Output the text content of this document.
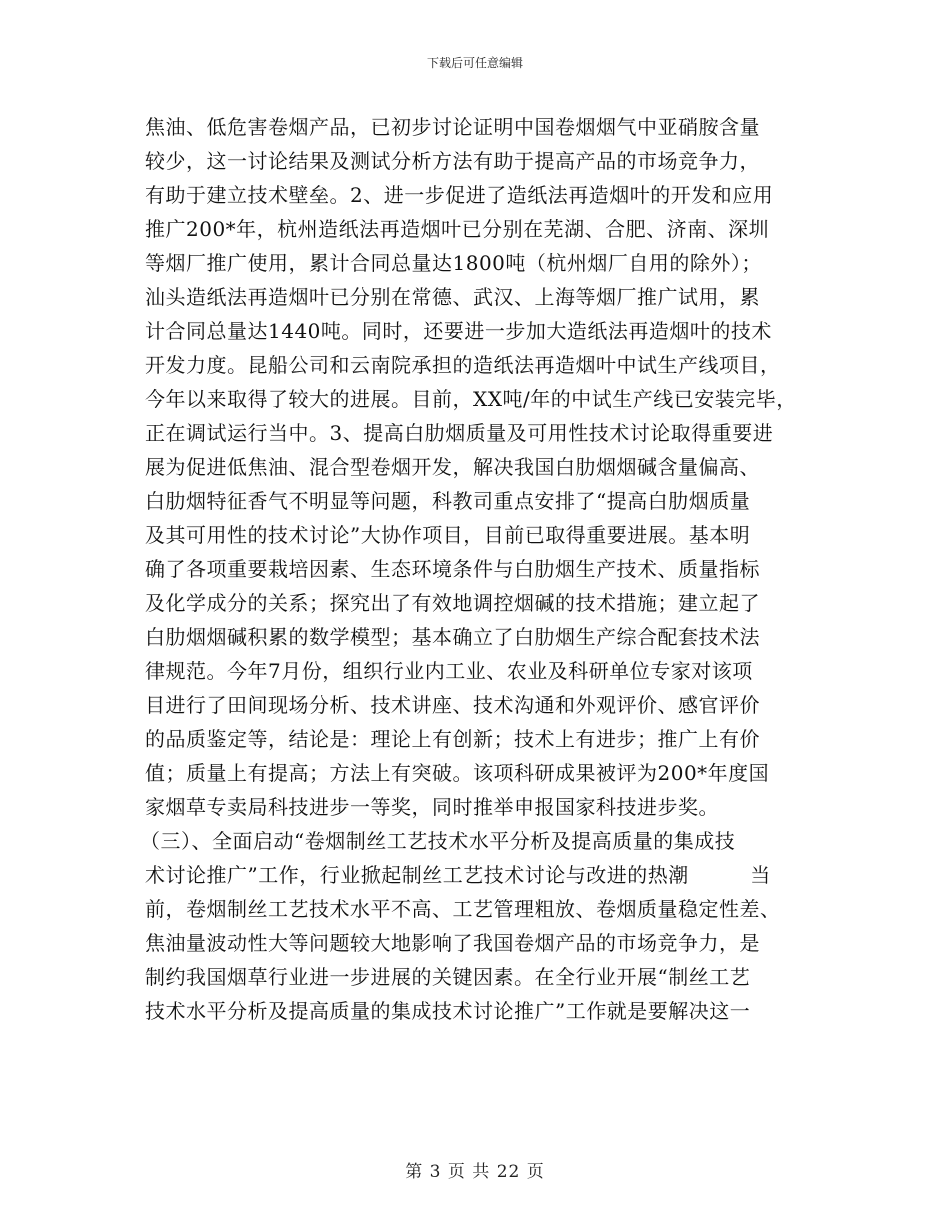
下载后可任意编辑
焦油、低危害卷烟产品，已初步讨论证明中国卷烟烟气中亚硝胺含量
较少，这一讨论结果及测试分析方法有助于提高产品的市场竞争力，
有助于建立技术壁垒。2、进一步促进了造纸法再造烟叶的开发和应用
推广200*年，杭州造纸法再造烟叶已分别在芜湖、合肥、济南、深圳
等烟厂推广使用，累计合同总量达1800吨（杭州烟厂自用的除外）；
汕头造纸法再造烟叶已分别在常德、武汉、上海等烟厂推广试用，累
计合同总量达1440吨。同时，还要进一步加大造纸法再造烟叶的技术
开发力度。昆船公司和云南院承担的造纸法再造烟叶中试生产线项目，
今年以来取得了较大的进展。目前，XX吨/年的中试生产线已安装完毕，
正在调试运行当中。3、提高白肋烟质量及可用性技术讨论取得重要进
展为促进低焦油、混合型卷烟开发，解决我国白肋烟烟碱含量偏高、
白肋烟特征香气不明显等问题，科教司重点安排了“提高白肋烟质量
及其可用性的技术讨论”大协作项目，目前已取得重要进展。基本明
确了各项重要栽培因素、生态环境条件与白肋烟生产技术、质量指标
及化学成分的关系；探究出了有效地调控烟碱的技术措施；建立起了
白肋烟烟碱积累的数学模型；基本确立了白肋烟生产综合配套技术法
律规范。今年7月份，组织行业内工业、农业及科研单位专家对该项
目进行了田间现场分析、技术讲座、技术沟通和外观评价、感官评价
的品质鉴定等，结论是：理论上有创新；技术上有进步；推广上有价
值；质量上有提高；方法上有突破。该项科研成果被评为200*年度国
家烟草专卖局科技进步一等奖，同时推举申报国家科技进步奖。
（三）、全面启动“卷烟制丝工艺技术水平分析及提高质量的集成技
术讨论推广”工作，行业掀起制丝工艺技术讨论与改进的热潮　　　当
前，卷烟制丝工艺技术水平不高、工艺管理粗放、卷烟质量稳定性差、
焦油量波动性大等问题较大地影响了我国卷烟产品的市场竞争力，是
制约我国烟草行业进一步进展的关键因素。在全行业开展“制丝工艺
技术水平分析及提高质量的集成技术讨论推广”工作就是要解决这一
第 3 页 共 22 页
